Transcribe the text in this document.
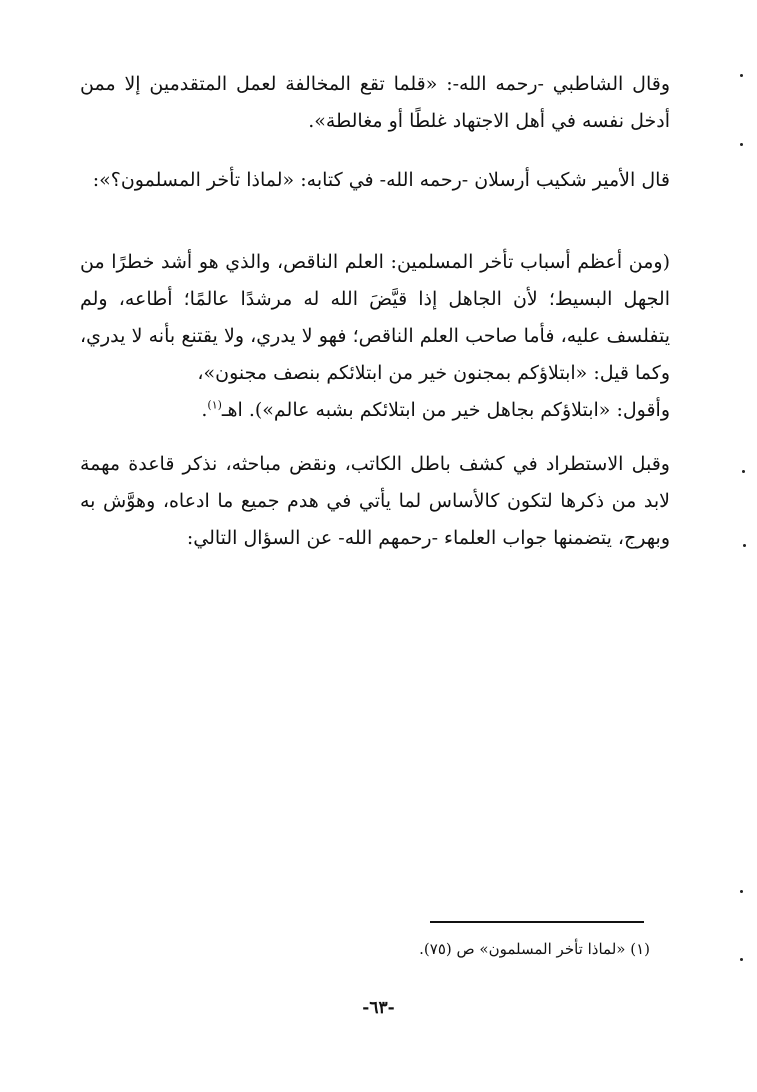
وقال الشاطبي -رحمه الله-: «قلما تقع المخالفة لعمل المتقدمين إلا ممن أدخل نفسه في أهل الاجتهاد غلطًا أو مغالطة».

قال الأمير شكيب أرسلان -رحمه الله- في كتابه: «لماذا تأخر المسلمون؟»:

(ومن أعظم أسباب تأخر المسلمين: العلم الناقص، والذي هو أشد خطرًا من الجهل البسيط؛ لأن الجاهل إذا قيَّضَ الله له مرشدًا عالمًا؛ أطاعه، ولم يتفلسف عليه، فأما صاحب العلم الناقص؛ فهو لا يدري، ولا يقتنع بأنه لا يدري، وكما قيل: «ابتلاؤكم بمجنون خير من ابتلائكم بنصف مجنون»،
وأقول: «ابتلاؤكم بجاهل خير من ابتلائكم بشبه عالم»). اهـ$^{(١)}$.

وقبل الاستطراد في كشف باطل الكاتب، ونقض مباحثه، نذكر قاعدة مهمة لابد من ذكرها لتكون كالأساس لما يأتي في هدم جميع ما ادعاه، وهوَّش به وبهرج، يتضمنها جواب العلماء -رحمهم الله- عن السؤال التالي:

(١) «لماذا تأخر المسلمون» ص (٧٥).
-٦٣-
